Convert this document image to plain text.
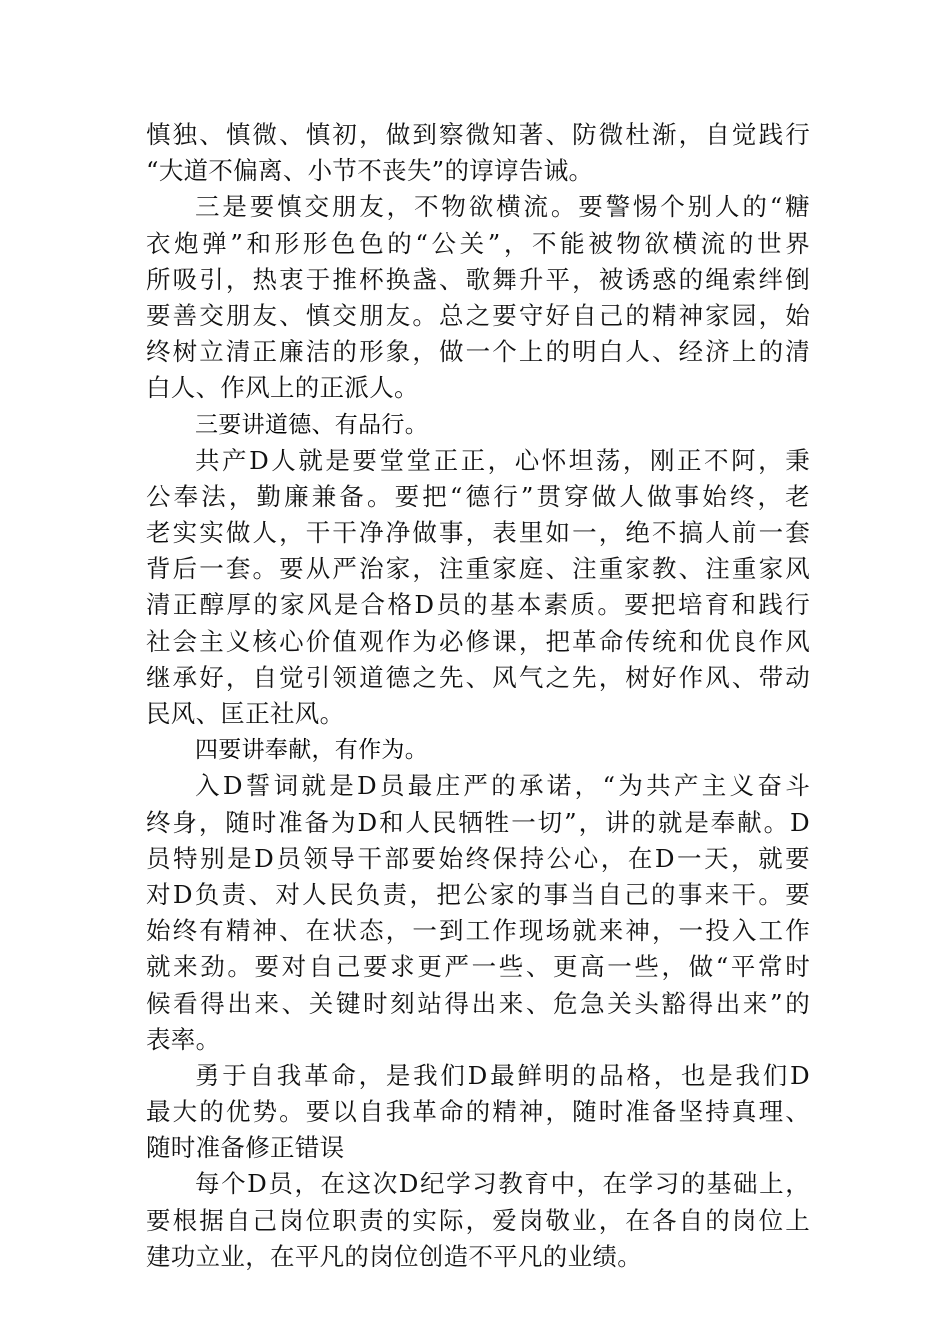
慎独、慎微、慎初，做到察微知著、防微杜渐，自觉践行
“大道不偏离、小节不丧失”的谆谆告诫。
三是要慎交朋友，不物欲横流。要警惕个别人的“糖
衣炮弹”和形形色色的“公关”，不能被物欲横流的世界
所吸引，热衷于推杯换盏、歌舞升平，被诱惑的绳索绊倒
要善交朋友、慎交朋友。总之要守好自己的精神家园，始
终树立清正廉洁的形象，做一个上的明白人、经济上的清
白人、作风上的正派人。
三要讲道德、有品行。
共产D人就是要堂堂正正，心怀坦荡，刚正不阿，秉
公奉法，勤廉兼备。要把“德行”贯穿做人做事始终，老
老实实做人，干干净净做事，表里如一，绝不搞人前一套
背后一套。要从严治家，注重家庭、注重家教、注重家风
清正醇厚的家风是合格D员的基本素质。要把培育和践行
社会主义核心价值观作为必修课，把革命传统和优良作风
继承好，自觉引领道德之先、风气之先，树好作风、带动
民风、匡正社风。
四要讲奉献，有作为。
入D誓词就是D员最庄严的承诺，“为共产主义奋斗
终身，随时准备为D和人民牺牲一切”，讲的就是奉献。D
员特别是D员领导干部要始终保持公心，在D一天，就要
对D负责、对人民负责，把公家的事当自己的事来干。要
始终有精神、在状态，一到工作现场就来神，一投入工作
就来劲。要对自己要求更严一些、更高一些，做“平常时
候看得出来、关键时刻站得出来、危急关头豁得出来”的
表率。
勇于自我革命，是我们D最鲜明的品格，也是我们D
最大的优势。要以自我革命的精神，随时准备坚持真理、
随时准备修正错误
每个D员，在这次D纪学习教育中，在学习的基础上，
要根据自己岗位职责的实际，爱岗敬业，在各自的岗位上
建功立业，在平凡的岗位创造不平凡的业绩。
